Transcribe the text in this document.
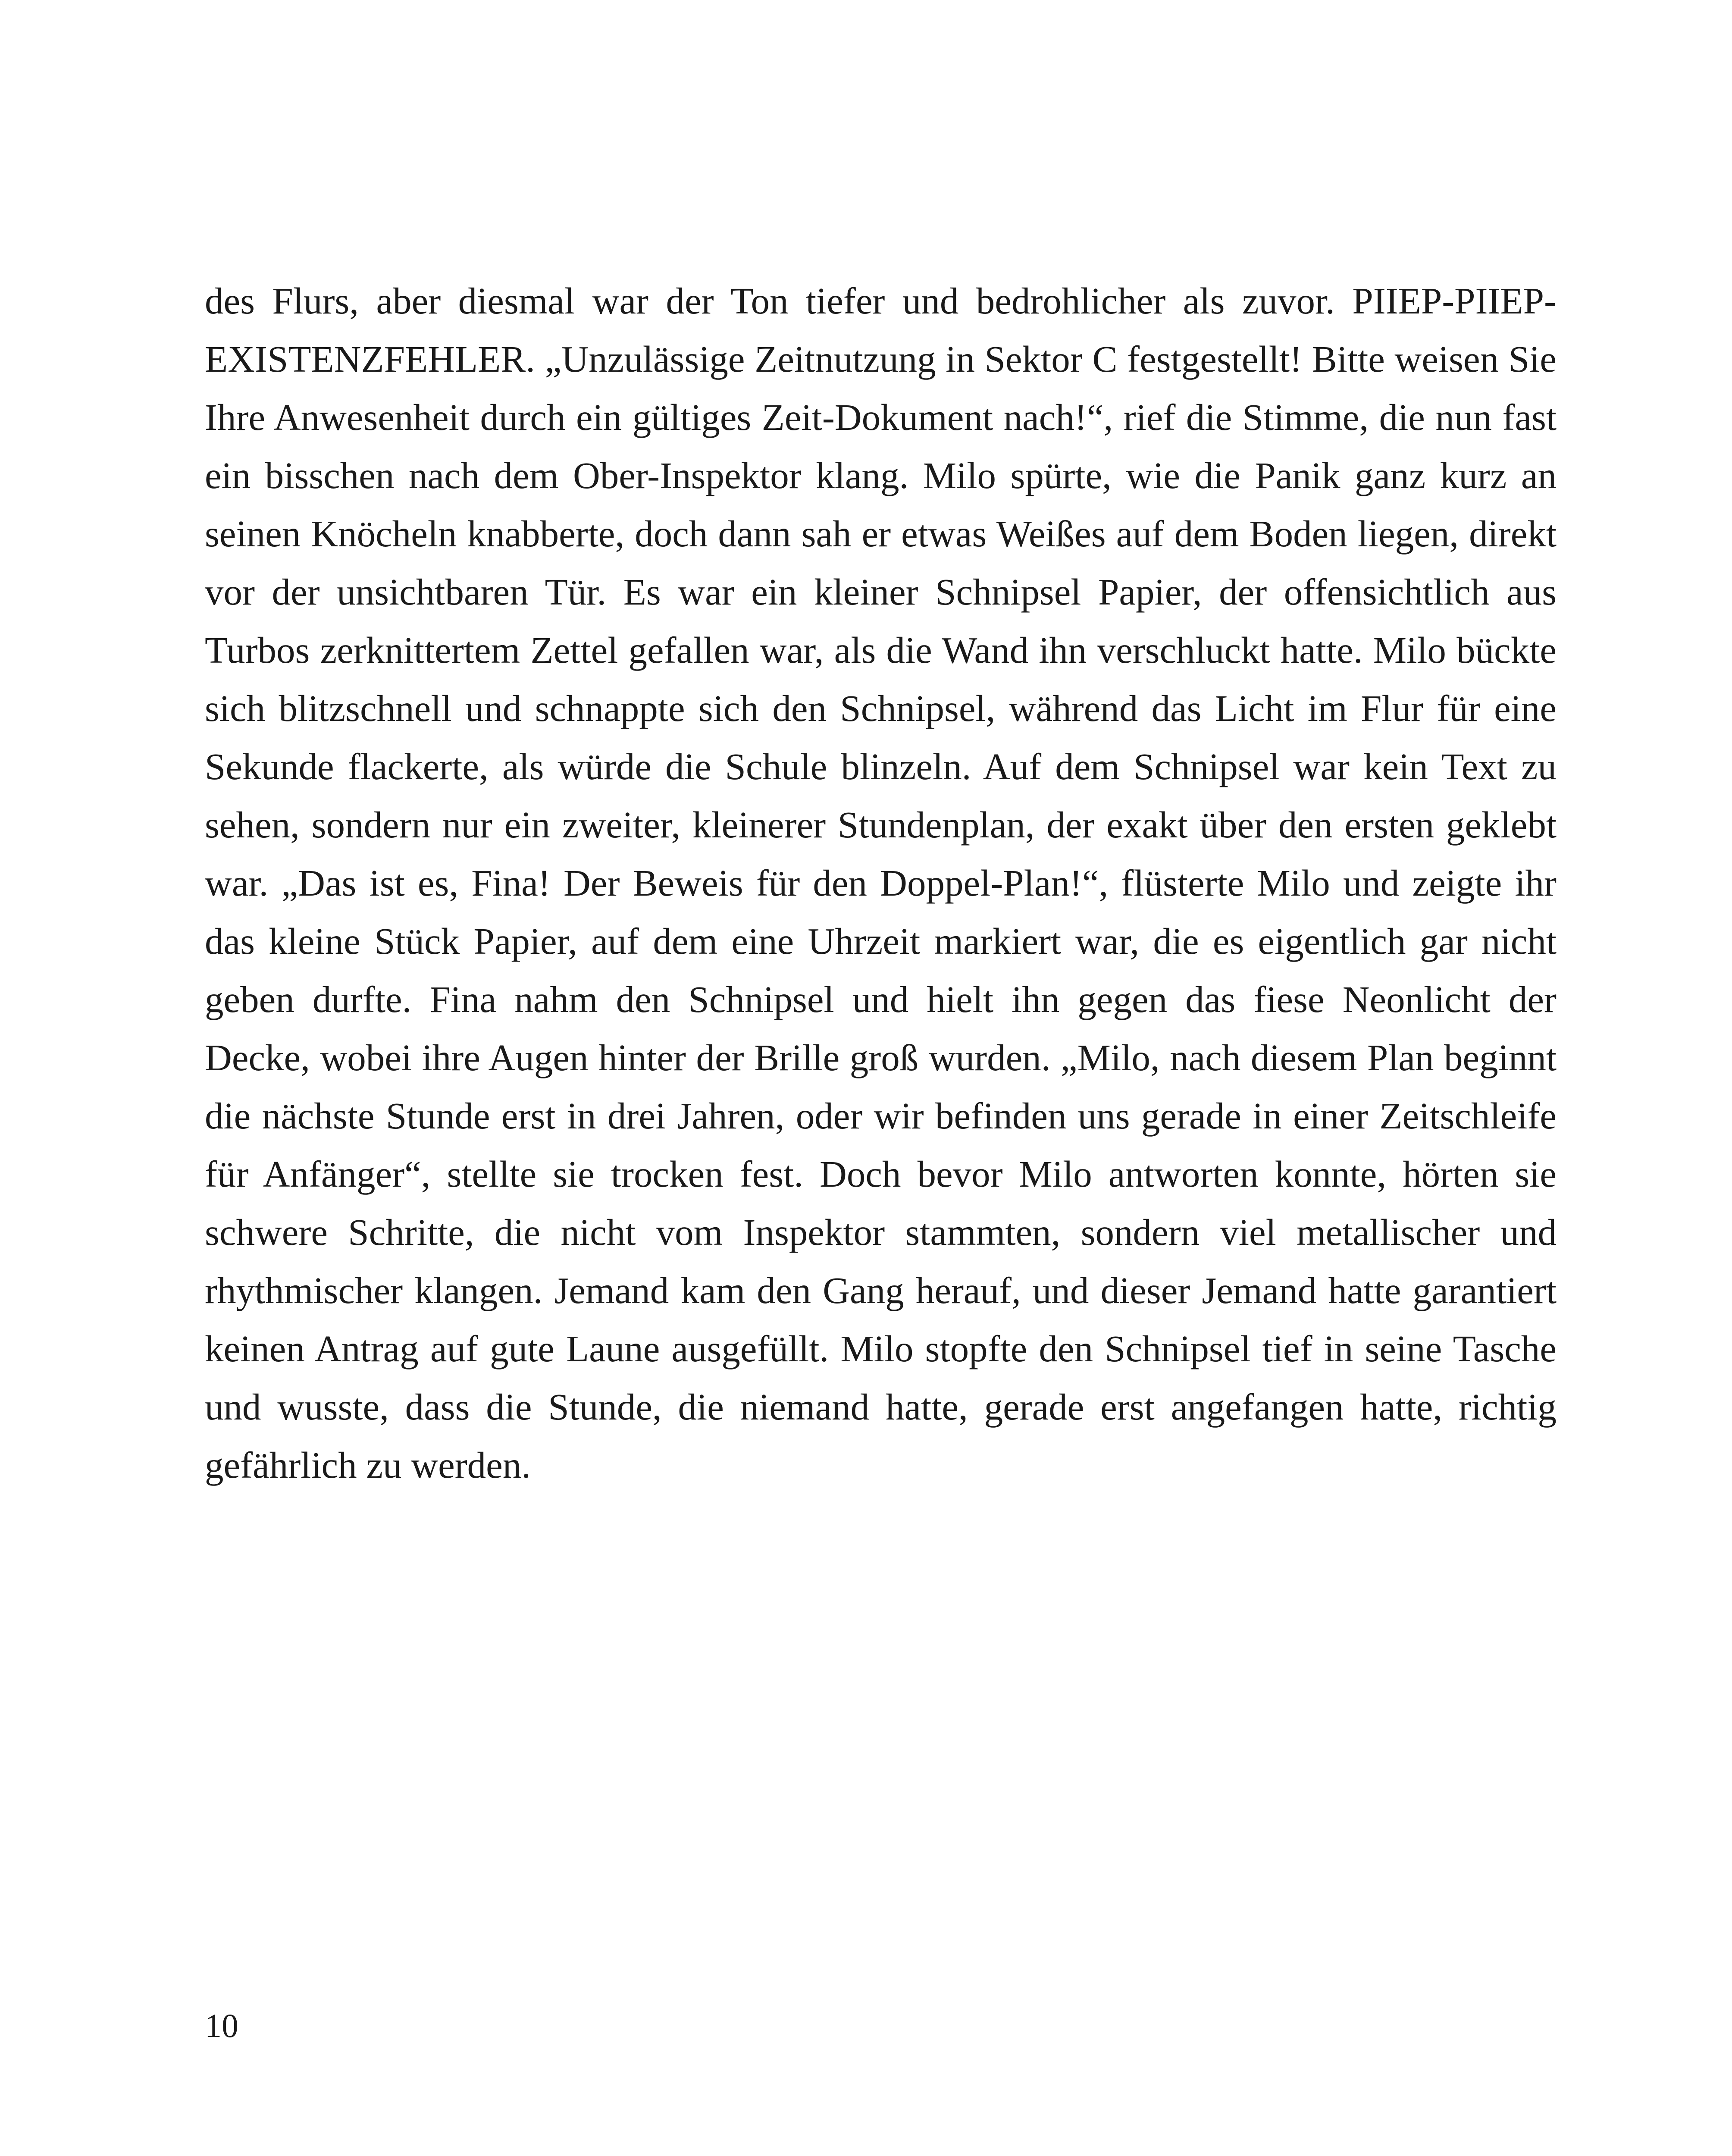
des Flurs, aber diesmal war der Ton tiefer und bedrohlicher als zuvor. PIIEP-PIIEP-EXISTENZFEHLER. „Unzulässige Zeitnutzung in Sektor C festgestellt! Bitte weisen Sie Ihre Anwesenheit durch ein gültiges Zeit-Dokument nach!“, rief die Stimme, die nun fast ein bisschen nach dem Ober-Inspektor klang. Milo spürte, wie die Panik ganz kurz an seinen Knöcheln knabberte, doch dann sah er etwas Weißes auf dem Boden liegen, direkt vor der unsichtbaren Tür. Es war ein kleiner Schnipsel Papier, der offensichtlich aus Turbos zerknittertem Zettel gefallen war, als die Wand ihn verschluckt hatte. Milo bückte sich blitzschnell und schnappte sich den Schnipsel, während das Licht im Flur für eine Sekunde flackerte, als würde die Schule blinzeln. Auf dem Schnipsel war kein Text zu sehen, sondern nur ein zweiter, kleinerer Stundenplan, der exakt über den ersten geklebt war. „Das ist es, Fina! Der Beweis für den Doppel-Plan!“, flüsterte Milo und zeigte ihr das kleine Stück Papier, auf dem eine Uhrzeit markiert war, die es eigentlich gar nicht geben durfte. Fina nahm den Schnipsel und hielt ihn gegen das fiese Neonlicht der Decke, wobei ihre Augen hinter der Brille groß wurden. „Milo, nach diesem Plan beginnt die nächste Stunde erst in drei Jahren, oder wir befinden uns gerade in einer Zeitschleife für Anfänger“, stellte sie trocken fest. Doch bevor Milo antworten konnte, hörten sie schwere Schritte, die nicht vom Inspektor stammten, sondern viel metallischer und rhythmischer klangen. Jemand kam den Gang herauf, und dieser Jemand hatte garantiert keinen Antrag auf gute Laune ausgefüllt. Milo stopfte den Schnipsel tief in seine Tasche und wusste, dass die Stunde, die niemand hatte, gerade erst angefangen hatte, richtig gefährlich zu werden.

10
